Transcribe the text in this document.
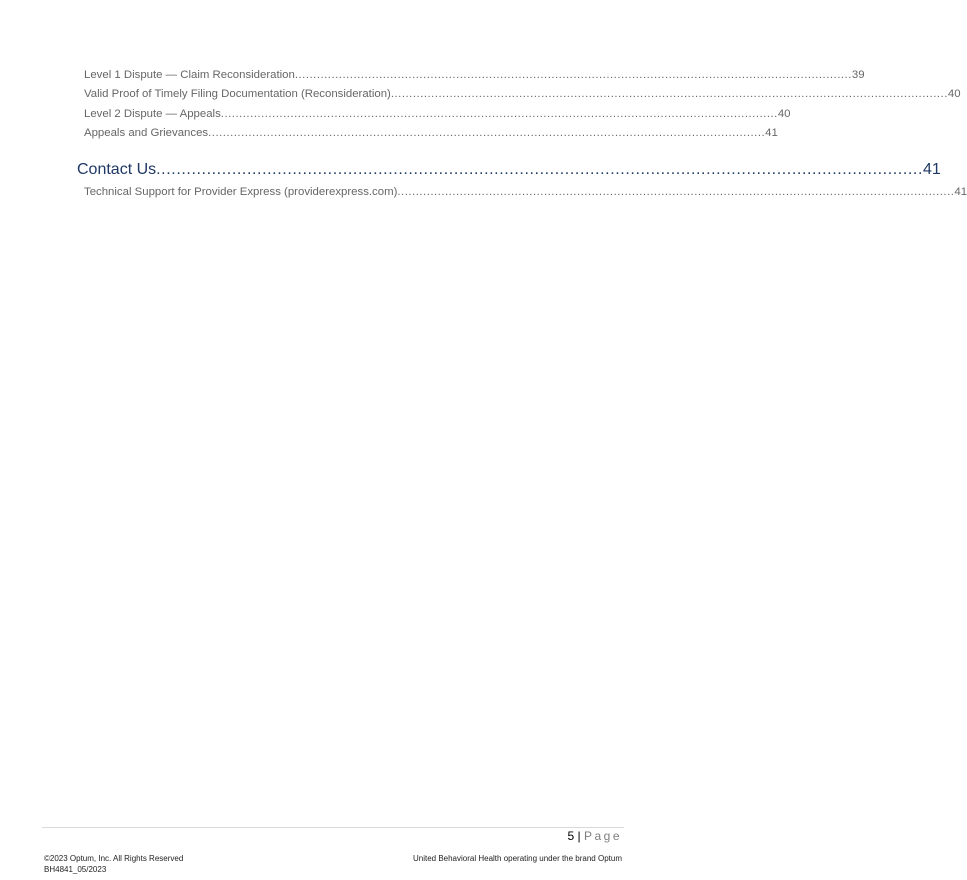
Level 1 Dispute — Claim Reconsideration ........................................................................................................................................................ 39
Valid Proof of Timely Filing Documentation (Reconsideration) ........................................................................................................................................................ 40
Level 2 Dispute — Appeals ........................................................................................................................................................ 40
Appeals and Grievances ........................................................................................................................................................ 41
Contact Us ........................................................................................................................................................ 41
Technical Support for Provider Express (providerexpress.com) ........................................................................................................................................................ 41
5 | Page
©2023 Optum, Inc. All Rights Reserved
BH4841_05/2023
United Behavioral Health operating under the brand Optum
